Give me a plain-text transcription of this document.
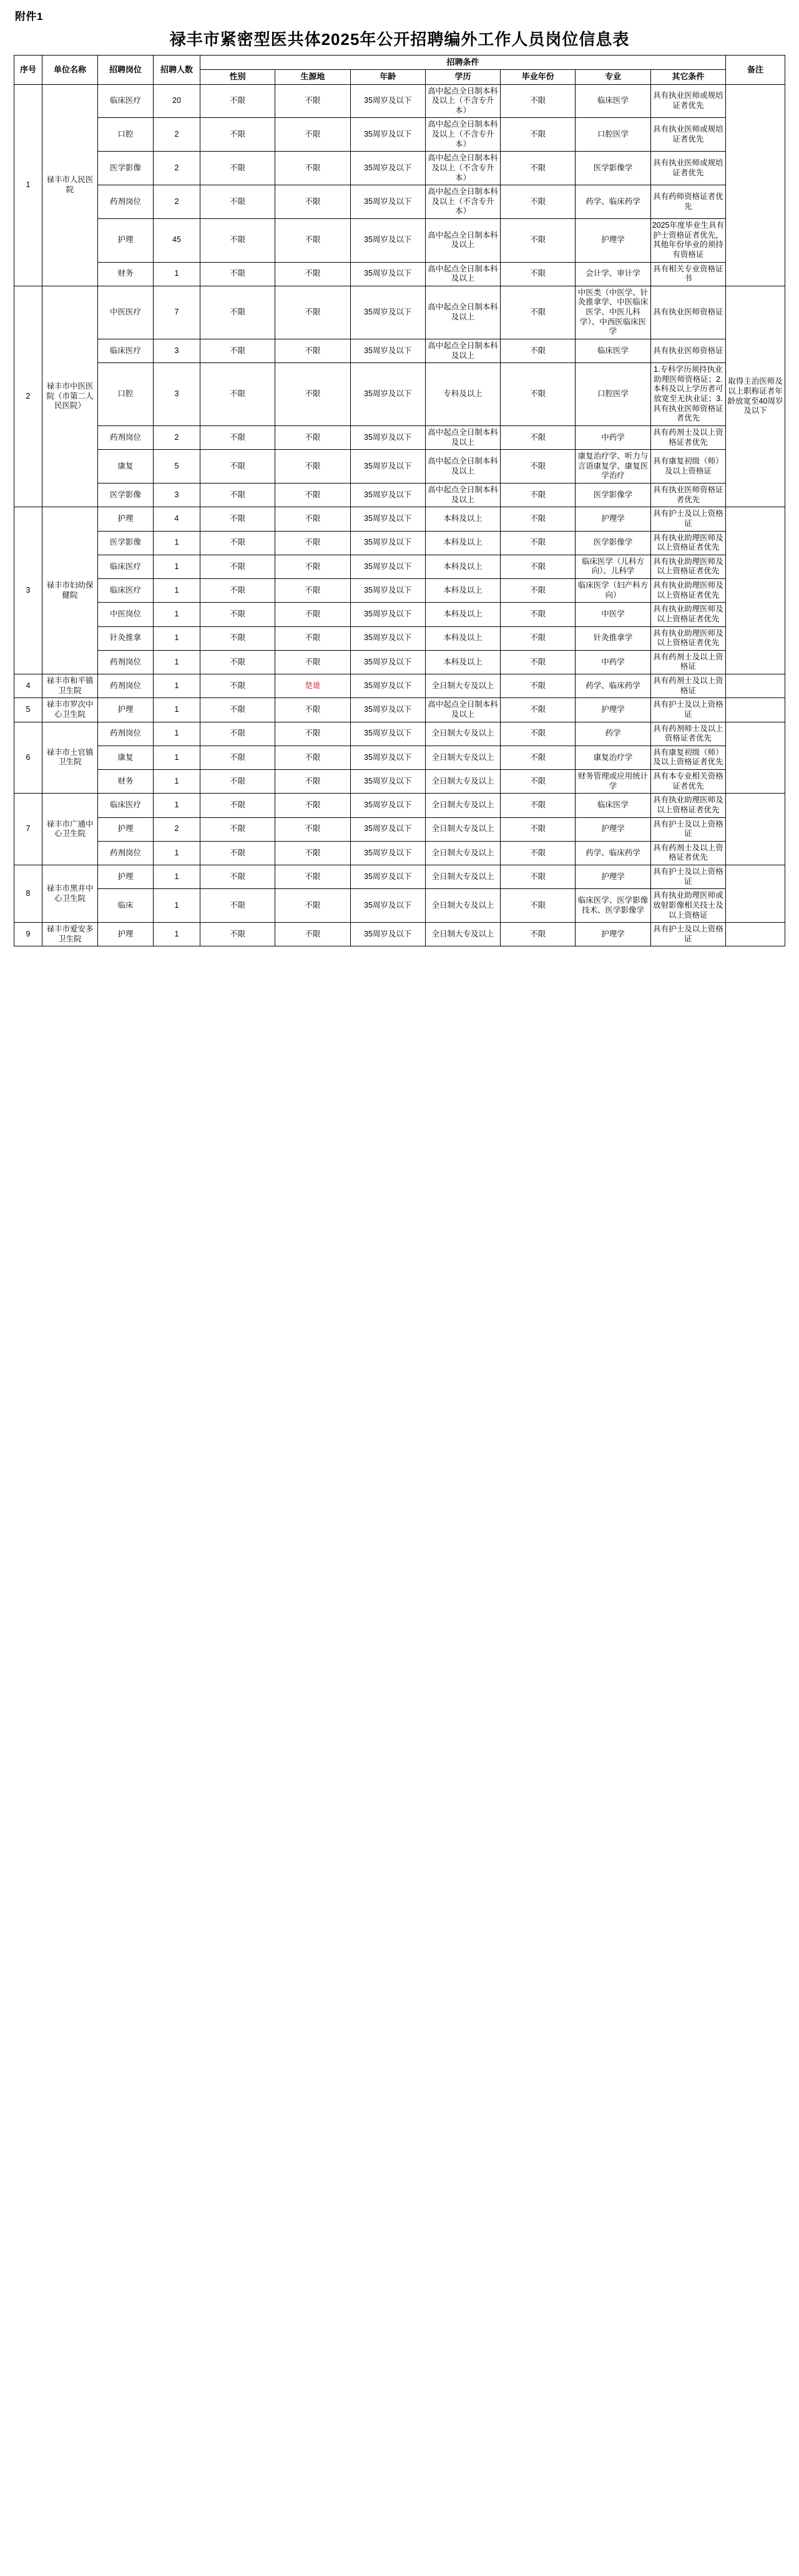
附件1
禄丰市紧密型医共体2025年公开招聘编外工作人员岗位信息表
序号	单位名称	招聘岗位	招聘人数	招聘条件							备注
				性别	生源地	年龄	学历	毕业年份	专业	其它条件	
1	禄丰市人民医院	临床医疗	20	不限	不限	35周岁及以下	高中起点全日制本科及以上（不含专升本）	不限	临床医学	具有执业医师或规培证者优先	
		口腔	2	不限	不限	35周岁及以下	高中起点全日制本科及以上（不含专升本）	不限	口腔医学	具有执业医师或规培证者优先	
		医学影像	2	不限	不限	35周岁及以下	高中起点全日制本科及以上（不含专升本）	不限	医学影像学	具有执业医师或规培证者优先	
		药剂岗位	2	不限	不限	35周岁及以下	高中起点全日制本科及以上（不含专升本）	不限	药学、临床药学	具有药师资格证者优先	
		护理	45	不限	不限	35周岁及以下	高中起点全日制本科及以上	不限	护理学	2025年度毕业生具有护士资格证者优先，其他年份毕业的须持有资格证	
		财务	1	不限	不限	35周岁及以下	高中起点全日制本科及以上	不限	会计学、审计学	具有相关专业资格证书	
2	禄丰市中医医院（市第二人民医院）	中医医疗	7	不限	不限	35周岁及以下	高中起点全日制本科及以上	不限	中医类（中医学、针灸推拿学、中医临床医学、中医儿科学）、中西医临床医学	具有执业医师资格证	取得主治医师及以上职称证者年龄放宽至40周岁及以下
		临床医疗	3	不限	不限	35周岁及以下	高中起点全日制本科及以上	不限	临床医学	具有执业医师资格证	
		口腔	3	不限	不限	35周岁及以下	专科及以上	不限	口腔医学	1.专科学历须持执业助理医师资格证；2.本科及以上学历者可放宽至无执业证；3.具有执业医师资格证者优先	
		药剂岗位	2	不限	不限	35周岁及以下	高中起点全日制本科及以上	不限	中药学	具有药剂士及以上资格证者优先	
		康复	5	不限	不限	35周岁及以下	高中起点全日制本科及以上	不限	康复治疗学、听力与言语康复学、康复医学治疗	具有康复初级（师）及以上资格证	
		医学影像	3	不限	不限	35周岁及以下	高中起点全日制本科及以上	不限	医学影像学	具有执业医师资格证者优先	
3	禄丰市妇幼保健院	护理	4	不限	不限	35周岁及以下	本科及以上	不限	护理学	具有护士及以上资格证	
		医学影像	1	不限	不限	35周岁及以下	本科及以上	不限	医学影像学	具有执业助理医师及以上资格证者优先	
		临床医疗	1	不限	不限	35周岁及以下	本科及以上	不限	临床医学（儿科方向）、儿科学	具有执业助理医师及以上资格证者优先	
		临床医疗	1	不限	不限	35周岁及以下	本科及以上	不限	临床医学（妇产科方向）	具有执业助理医师及以上资格证者优先	
		中医岗位	1	不限	不限	35周岁及以下	本科及以上	不限	中医学	具有执业助理医师及以上资格证者优先	
		针灸推拿	1	不限	不限	35周岁及以下	本科及以上	不限	针灸推拿学	具有执业助理医师及以上资格证者优先	
		药剂岗位	1	不限	不限	35周岁及以下	本科及以上	不限	中药学	具有药剂士及以上资格证	
4	禄丰市和平镇卫生院	药剂岗位	1	不限	楚雄	35周岁及以下	全日制大专及以上	不限	药学、临床药学	具有药剂士及以上资格证	
5	禄丰市罗次中心卫生院	护理	1	不限	不限	35周岁及以下	高中起点全日制本科及以上	不限	护理学	具有护士及以上资格证	
6	禄丰市土官镇卫生院	药剂岗位	1	不限	不限	35周岁及以下	全日制大专及以上	不限	药学	具有药剂师士及以上资格证者优先	
		康复	1	不限	不限	35周岁及以下	全日制大专及以上	不限	康复治疗学	具有康复初级（师）及以上资格证者优先	
		财务	1	不限	不限	35周岁及以下	全日制大专及以上	不限	财务管理或应用统计学	具有本专业相关资格证者优先	
7	禄丰市广通中心卫生院	临床医疗	1	不限	不限	35周岁及以下	全日制大专及以上	不限	临床医学	具有执业助理医师及以上资格证者优先	
		护理	2	不限	不限	35周岁及以下	全日制大专及以上	不限	护理学	具有护士及以上资格证	
		药剂岗位	1	不限	不限	35周岁及以下	全日制大专及以上	不限	药学、临床药学	具有药剂士及以上资格证者优先	
8	禄丰市黑井中心卫生院	护理	1	不限	不限	35周岁及以下	全日制大专及以上	不限	护理学	具有护士及以上资格证	
		临床	1	不限	不限	35周岁及以下	全日制大专及以上	不限	临床医学、医学影像技术、医学影像学	具有执业助理医师或放射影像相关技士及以上资格证	
9	禄丰市爱安多卫生院	护理	1	不限	不限	35周岁及以下	全日制大专及以上	不限	护理学	具有护士及以上资格证	
